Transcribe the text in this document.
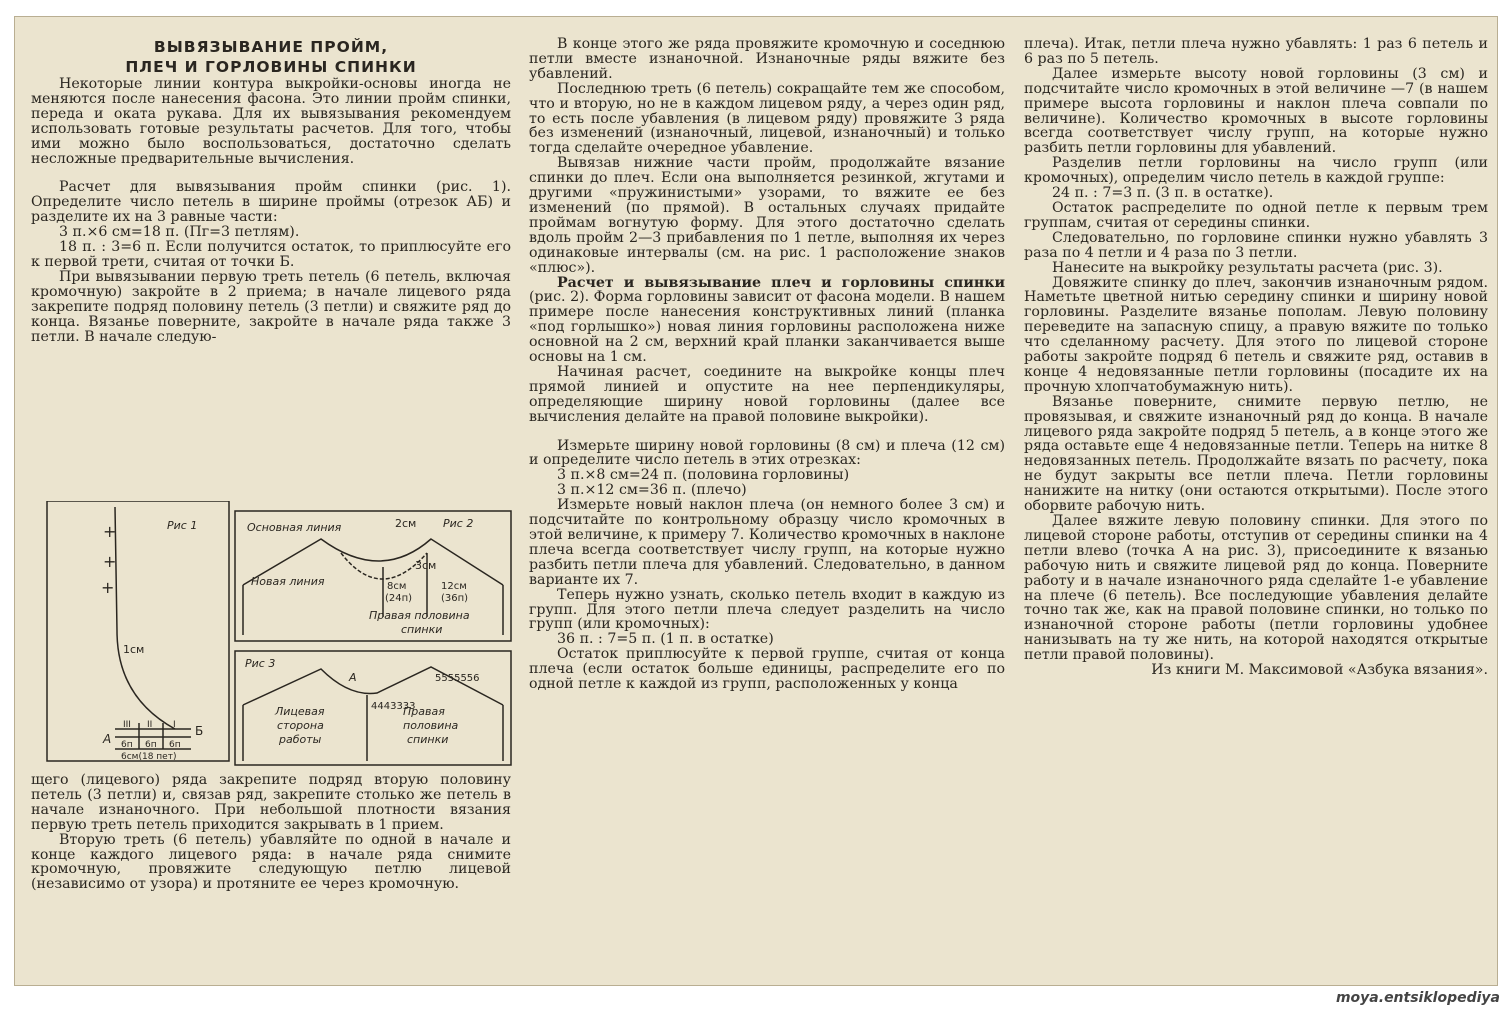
ВЫВЯЗЫВАНИЕ ПРОЙМ,
ПЛЕЧ И ГОРЛОВИНЫ СПИНКИ

Некоторые линии контура выкройки-основы иногда не меняются после нанесения фасона. Это линии пройм спинки, переда и оката рукава. Для их вывязывания рекомендуем использовать готовые результаты расчетов. Для того, чтобы ими можно было воспользоваться, достаточно сделать несложные предварительные вычисления.

Расчет для вывязывания пройм спинки (рис. 1). Определите число петель в ширине проймы (отрезок АБ) и разделите их на 3 равные части:

3 п.×6 см=18 п. (Пг=3 петлям).

18 п. : 3=6 п. Если получится остаток, то приплюсуйте его к первой трети, считая от точки Б.

При вывязывании первую треть петель (6 петель, включая кромочную) закройте в 2 приема; в начале лицевого ряда закрепите подряд половину петель (3 петли) и свяжите ряд до конца. Вязанье поверните, закройте в начале ряда также 3 петли. В начале следую-

+
+
+
Рис 1
1см
А
Б
III II I
6п 6п 6п
6см(18 пет)
Основная линия	Рис 2
2см
3см
Новая линия	8см
(24п)
12см
(36п)
Правая половина
спинки
Рис 3
А
4443333
5555556
Лицевая
сторона
работы
Правая
половина
спинки

щего (лицевого) ряда закрепите подряд вторую половину петель (3 петли) и, связав ряд, закрепите столько же петель в начале изнаночного. При небольшой плотности вязания первую треть петель приходится закрывать в 1 прием.

Вторую треть (6 петель) убавляйте по одной в начале и конце каждого лицевого ряда: в начале ряда снимите кромочную, провяжите следующую петлю лицевой (независимо от узора) и протяните ее через кромочную.

В конце этого же ряда провяжите кромочную и соседнюю петли вместе изнаночной. Изнаночные ряды вяжите без убавлений.

Последнюю треть (6 петель) сокращайте тем же способом, что и вторую, но не в каждом лицевом ряду, а через один ряд, то есть после убавления (в лицевом ряду) провяжите 3 ряда без изменений (изнаночный, лицевой, изнаночный) и только тогда сделайте очередное убавление.

Вывязав нижние части пройм, продолжайте вязание спинки до плеч. Если она выполняется резинкой, жгутами и другими «пружинистыми» узорами, то вяжите ее без изменений (по прямой). В остальных случаях придайте проймам вогнутую форму. Для этого достаточно сделать вдоль пройм 2—3 прибавления по 1 петле, выполняя их через одинаковые интервалы (см. на рис. 1 расположение знаков «плюс»).

Расчет и вывязывание плеч и горловины спинки (рис. 2). Форма горловины зависит от фасона модели. В нашем примере после нанесения конструктивных линий (планка «под горлышко») новая линия горловины расположена ниже основной на 2 см, верхний край планки заканчивается выше основы на 1 см.

Начиная расчет, соедините на выкройке концы плеч прямой линией и опустите на нее перпендикуляры, определяющие ширину новой горловины (далее все вычисления делайте на правой половине выкройки).

Измерьте ширину новой горловины (8 см) и плеча (12 см) и определите число петель в этих отрезках:

3 п.×8 см=24 п. (половина горловины)

3 п.×12 см=36 п. (плечо)

Измерьте новый наклон плеча (он немного более 3 см) и подсчитайте по контрольному образцу число кромочных в этой величине, к примеру 7. Количество кромочных в наклоне плеча всегда соответствует числу групп, на которые нужно разбить петли плеча для убавлений. Следовательно, в данном варианте их 7.

Теперь нужно узнать, сколько петель входит в каждую из групп. Для этого петли плеча следует разделить на число групп (или кромочных):

36 п. : 7=5 п. (1 п. в остатке)

Остаток приплюсуйте к первой группе, считая от конца плеча (если остаток больше единицы, распределите его по одной петле к каждой из групп, расположенных у конца

плеча). Итак, петли плеча нужно убавлять: 1 раз 6 петель и 6 раз по 5 петель.

Далее измерьте высоту новой горловины (3 см) и подсчитайте число кромочных в этой величине —7 (в нашем примере высота горловины и наклон плеча совпали по величине). Количество кромочных в высоте горловины всегда соответствует числу групп, на которые нужно разбить петли горловины для убавлений.

Разделив петли горловины на число групп (или кромочных), определим число петель в каждой группе:

24 п. : 7=3 п. (3 п. в остатке).

Остаток распределите по одной петле к первым трем группам, считая от середины спинки.

Следовательно, по горловине спинки нужно убавлять 3 раза по 4 петли и 4 раза по 3 петли.

Нанесите на выкройку результаты расчета (рис. 3).

Довяжите спинку до плеч, закончив изнаночным рядом. Наметьте цветной нитью середину спинки и ширину новой горловины. Разделите вязанье пополам. Левую половину переведите на запасную спицу, а правую вяжите по только что сделанному расчету. Для этого по лицевой стороне работы закройте подряд 6 петель и свяжите ряд, оставив в конце 4 недовязанные петли горловины (посадите их на прочную хлопчатобумажную нить).

Вязанье поверните, снимите первую петлю, не провязывая, и свяжите изнаночный ряд до конца. В начале лицевого ряда закройте подряд 5 петель, а в конце этого же ряда оставьте еще 4 недовязанные петли. Теперь на нитке 8 недовязанных петель. Продолжайте вязать по расчету, пока не будут закрыты все петли плеча. Петли горловины нанижите на нитку (они остаются открытыми). После этого оборвите рабочую нить.

Далее вяжите левую половину спинки. Для этого по лицевой стороне работы, отступив от середины спинки на 4 петли влево (точка А на рис. 3), присоедините к вязанью рабочую нить и свяжите лицевой ряд до конца. Поверните работу и в начале изнаночного ряда сделайте 1-е убавление на плече (6 петель). Все последующие убавления делайте точно так же, как на правой половине спинки, но только по изнаночной стороне работы (петли горловины удобнее нанизывать на ту же нить, на которой находятся открытые петли правой половины).

Из книги М. Максимовой «Азбука вязания».

moya.entsiklopediya
